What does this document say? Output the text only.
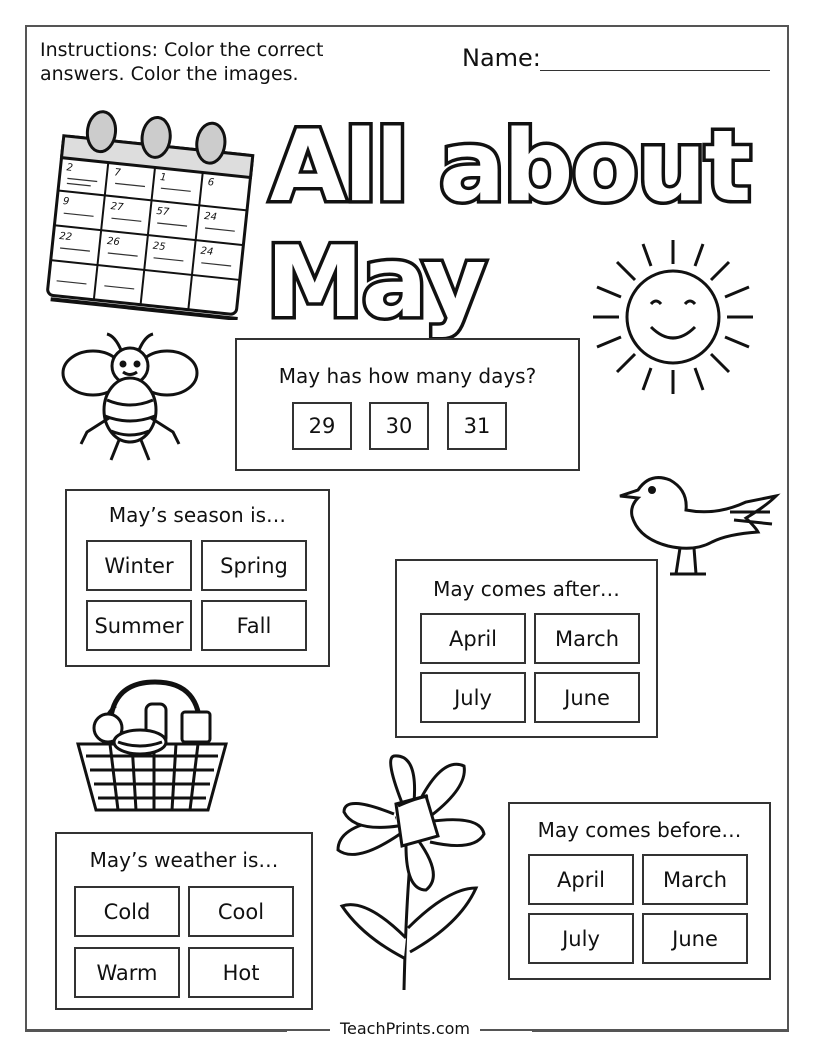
Instructions: Color the correct answers. Color the images.
Name:
All about
May
2	7	1	6
9	27	57	24
22	26	25	24
May has how many days?
29	30	31
May’s season is…
Winter	Spring
Summer	Fall
May comes after…
April	March
July	June
May comes before…
April	March
July	June
May’s weather is…
Cold	Cool
Warm	Hot
TeachPrints.com
